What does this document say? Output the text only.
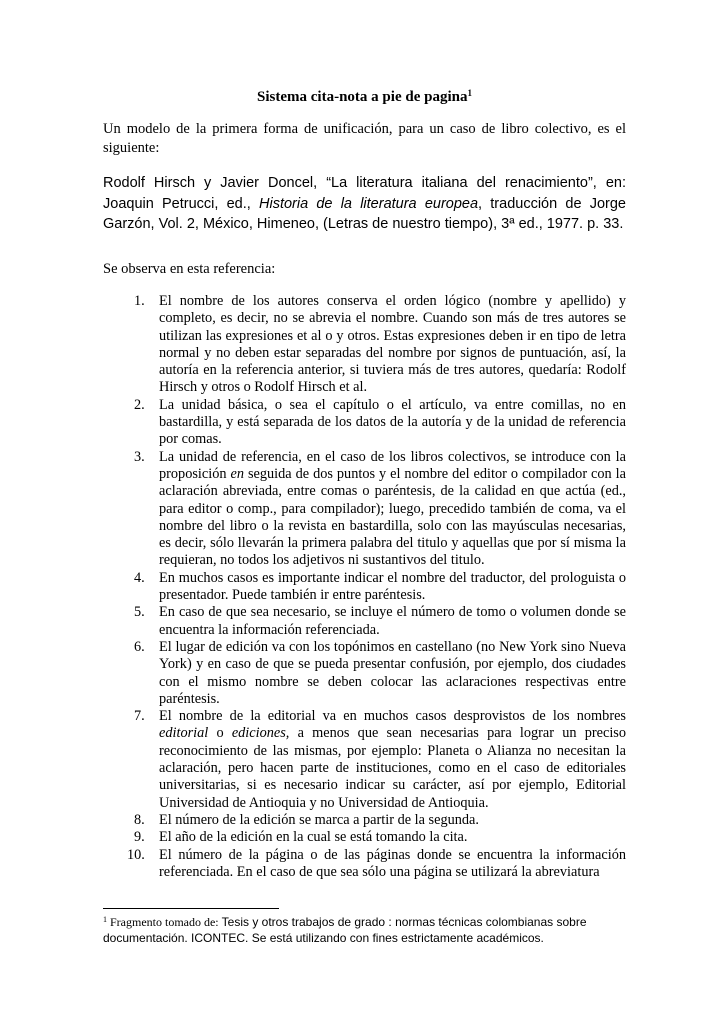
Sistema cita-nota a pie de pagina$^1$

Un modelo de la primera forma de unificación, para un caso de libro colectivo, es el siguiente:

Rodolf Hirsch y Javier Doncel, “La literatura italiana del renacimiento”, en: Joaquin Petrucci, ed., Historia de la literatura europea, traducción de Jorge Garzón, Vol. 2, México, Himeneo, (Letras de nuestro tiempo), 3ª ed., 1977. p. 33.

Se observa en esta referencia:

1. El nombre de los autores conserva el orden lógico (nombre y apellido) y completo, es decir, no se abrevia el nombre. Cuando son más de tres autores se utilizan las expresiones et al o y otros. Estas expresiones deben ir en tipo de letra normal y no deben estar separadas del nombre por signos de puntuación, así, la autoría en la referencia anterior, si tuviera más de tres autores, quedaría: Rodolf Hirsch y otros o Rodolf Hirsch et al.
2. La unidad básica, o sea el capítulo o el artículo, va entre comillas, no en bastardilla, y está separada de los datos de la autoría y de la unidad de referencia por comas.
3. La unidad de referencia, en el caso de los libros colectivos, se introduce con la proposición en seguida de dos puntos y el nombre del editor o compilador con la aclaración abreviada, entre comas o paréntesis, de la calidad en que actúa (ed., para editor o comp., para compilador); luego, precedido también de coma, va el nombre del libro o la revista en bastardilla, solo con las mayúsculas necesarias, es decir, sólo llevarán la primera palabra del titulo y aquellas que por sí misma la requieran, no todos los adjetivos ni sustantivos del titulo.
4. En muchos casos es importante indicar el nombre del traductor, del prologuista o presentador. Puede también ir entre paréntesis.
5. En caso de que sea necesario, se incluye el número de tomo o volumen donde se encuentra la información referenciada.
6. El lugar de edición va con los topónimos en castellano (no New York sino Nueva York) y en caso de que se pueda presentar confusión, por ejemplo, dos ciudades con el mismo nombre se deben colocar las aclaraciones respectivas entre paréntesis.
7. El nombre de la editorial va en muchos casos desprovistos de los nombres editorial o ediciones, a menos que sean necesarias para lograr un preciso reconocimiento de las mismas, por ejemplo: Planeta o Alianza no necesitan la aclaración, pero hacen parte de instituciones, como en el caso de editoriales universitarias, si es necesario indicar su carácter, así por ejemplo, Editorial Universidad de Antioquia y no Universidad de Antioquia.
8. El número de la edición se marca a partir de la segunda.
9. El año de la edición en la cual se está tomando la cita.
10. El número de la página o de las páginas donde se encuentra la información referenciada. En el caso de que sea sólo una página se utilizará la abreviatura
$^1$ Fragmento tomado de: Tesis y otros trabajos de grado : normas técnicas colombianas sobre documentación. ICONTEC. Se está utilizando con fines estrictamente académicos.
